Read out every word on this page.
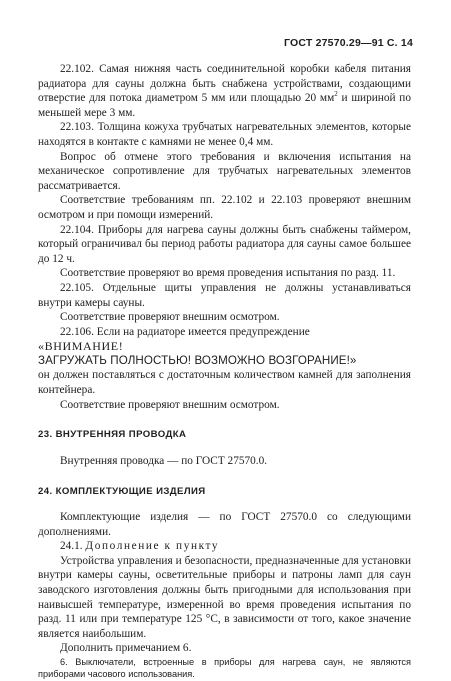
ГОСТ 27570.29—91 С. 14

22.102. Самая нижняя часть соединительной коробки кабеля питания радиатора для сауны должна быть снабжена устройствами, создающими отверстие для потока диаметром 5 мм или площадью 20 $мм^2$ и шириной по меньшей мере 3 мм.

22.103. Толщина кожуха трубчатых нагревательных элементов, которые находятся в контакте с камнями не менее 0,4 мм.

Вопрос об отмене этого требования и включения испытания на механическое сопротивление для трубчатых нагревательных элементов рассматривается.

Соответствие требованиям пп. 22.102 и 22.103 проверяют внешним осмотром и при помощи измерений.

22.104. Приборы для нагрева сауны должны быть снабжены таймером, который ограничивал бы период работы радиатора для сауны самое большее до 12 ч.

Соответствие проверяют во время проведения испытания по разд. 11.

22.105. Отдельные щиты управления не должны устанавливаться внутри камеры сауны.

Соответствие проверяют внешним осмотром.

22.106. Если на радиаторе имеется предупреждение

«ВНИМАНИЕ!

ЗАГРУЖАТЬ ПОЛНОСТЬЮ! ВОЗМОЖНО ВОЗГОРАНИЕ!»

он должен поставляться с достаточным количеством камней для заполнения контейнера.

Соответствие проверяют внешним осмотром.

23. ВНУТРЕННЯЯ ПРОВОДКА

Внутренняя проводка — по ГОСТ 27570.0.

24. КОМПЛЕКТУЮЩИЕ ИЗДЕЛИЯ

Комплектующие изделия — по ГОСТ 27570.0 со следующими дополнениями.

24.1. Дополнение к пункту

Устройства управления и безопасности, предназначенные для установки внутри камеры сауны, осветительные приборы и патроны ламп для саун заводского изготовления должны быть пригодными для использования при наивысшей температуре, измеренной во время проведения испытания по разд. 11 или при температуре 125 °С, в зависимости от того, какое значение является наибольшим.

Дополнить примечанием 6.

6. Выключатели, встроенные в приборы для нагрева саун, не являются приборами часового использования.
